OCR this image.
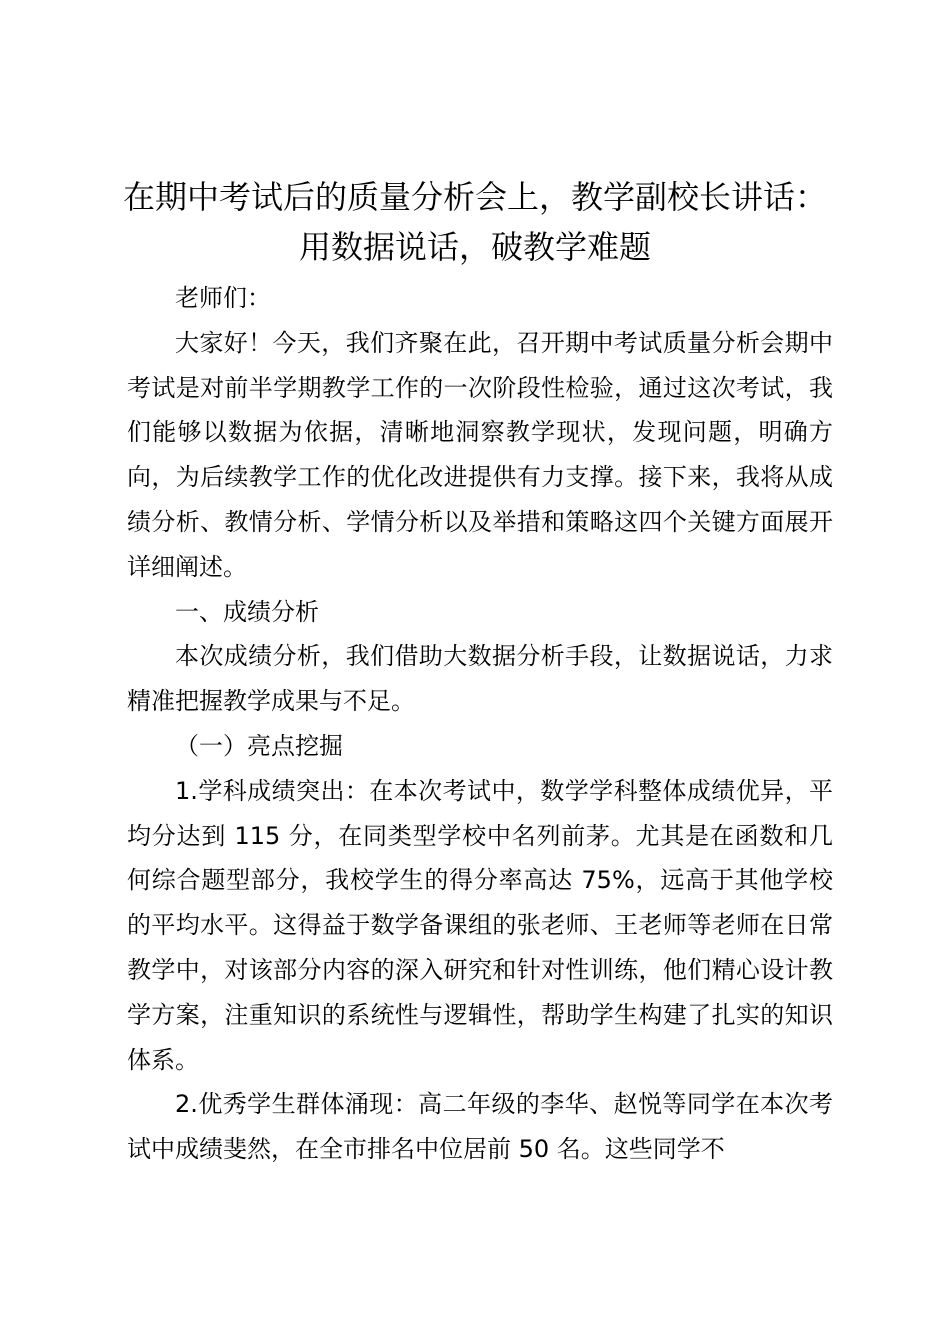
在期中考试后的质量分析会上，教学副校长讲话：用数据说话，破教学难题

老师们：

大家好！今天，我们齐聚在此，召开期中考试质量分析会期中考试是对前半学期教学工作的一次阶段性检验，通过这次考试，我们能够以数据为依据，清晰地洞察教学现状，发现问题，明确方向，为后续教学工作的优化改进提供有力支撑。接下来，我将从成绩分析、教情分析、学情分析以及举措和策略这四个关键方面展开详细阐述。

一、成绩分析

本次成绩分析，我们借助大数据分析手段，让数据说话，力求精准把握教学成果与不足。

（一）亮点挖掘

1.学科成绩突出：在本次考试中，数学学科整体成绩优异，平均分达到 115 分，在同类型学校中名列前茅。尤其是在函数和几何综合题型部分，我校学生的得分率高达 75%，远高于其他学校的平均水平。这得益于数学备课组的张老师、王老师等老师在日常教学中，对该部分内容的深入研究和针对性训练，他们精心设计教学方案，注重知识的系统性与逻辑性，帮助学生构建了扎实的知识体系。

2.优秀学生群体涌现：高二年级的李华、赵悦等同学在本次考试中成绩斐然，在全市排名中位居前 50 名。这些同学不
